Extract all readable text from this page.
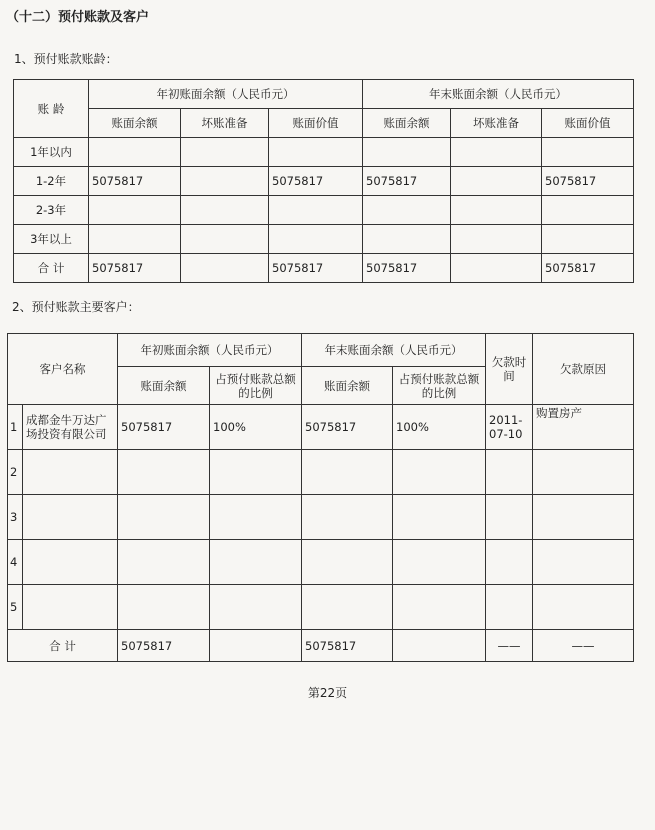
（十二）预付账款及客户
1、预付账款账龄：
账 龄	年初账面余额（人民币元）			年末账面余额（人民币元）		
	账面余额	坏账准备	账面价值	账面余额	坏账准备	账面价值
1年以内						
1-2年	5075817		5075817	5075817		5075817
2-3年						
3年以上						
合 计	5075817		5075817	5075817		5075817
2、预付账款主要客户：
客户名称		年初账面余额（人民币元）		年末账面余额（人民币元）		欠款时间	欠款原因
		账面余额	占预付账款总额的比例	账面余额	占预付账款总额的比例		
1	成都金牛万达广场投资有限公司	5075817	100%	5075817	100%	2011-07-10	购置房产
2							
3							
4							
5							
合 计		5075817		5075817		——	——
第22页
